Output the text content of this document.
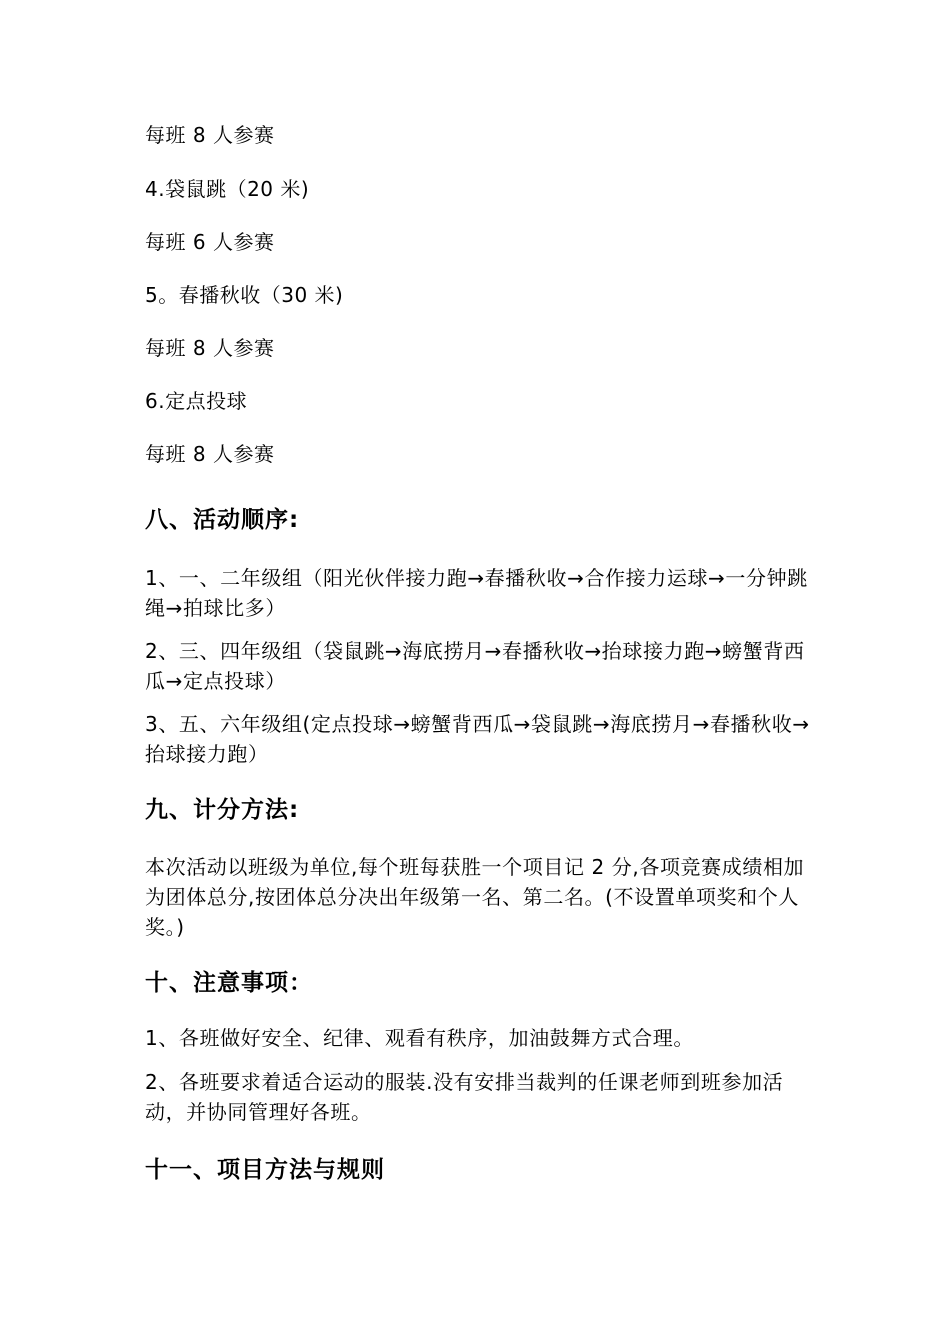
每班 8 人参赛
4.袋鼠跳（20 米)
每班 6 人参赛
5。春播秋收（30 米)
每班 8 人参赛
6.定点投球
每班 8 人参赛
八、活动顺序:
1、一、二年级组（阳光伙伴接力跑→春播秋收→合作接力运球→一分钟跳绳→拍球比多）
2、三、四年级组（袋鼠跳→海底捞月→春播秋收→抬球接力跑→螃蟹背西瓜→定点投球）
3、五、六年级组(定点投球→螃蟹背西瓜→袋鼠跳→海底捞月→春播秋收→抬球接力跑）
九、计分方法:
本次活动以班级为单位,每个班每获胜一个项目记 2 分,各项竞赛成绩相加为团体总分,按团体总分决出年级第一名、第二名。(不设置单项奖和个人奖。)
十、注意事项：
1、各班做好安全、纪律、观看有秩序，加油鼓舞方式合理。
2、各班要求着适合运动的服装.没有安排当裁判的任课老师到班参加活动，并协同管理好各班。
十一、项目方法与规则
